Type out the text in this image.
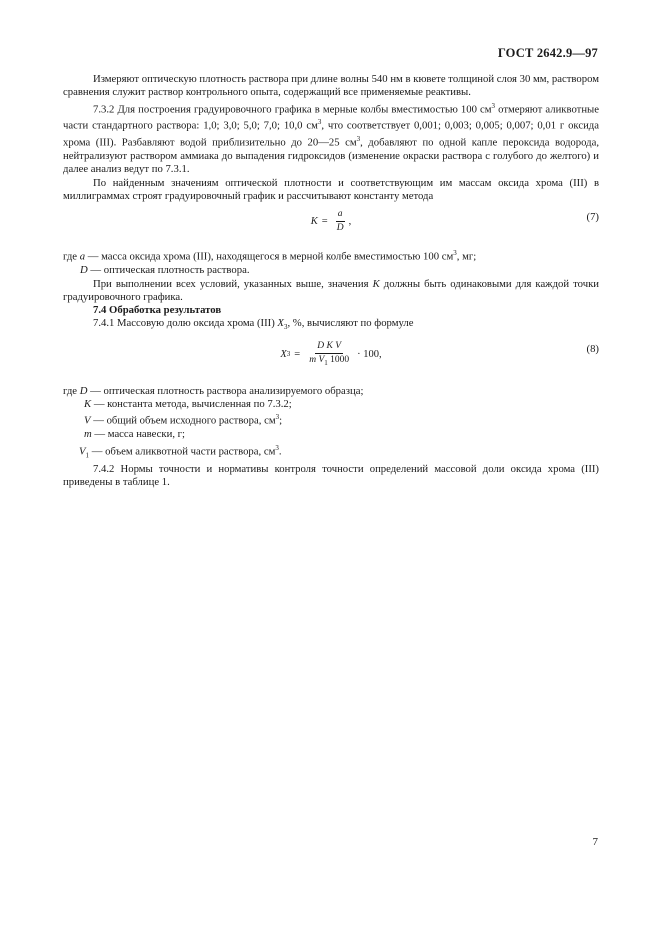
ГОСТ 2642.9—97

Измеряют оптическую плотность раствора при длине волны 540 нм в кювете толщиной слоя 30 мм, раствором сравнения служит раствор контрольного опыта, содержащий все применяемые реактивы.

7.3.2 Для построения градуировочного графика в мерные колбы вместимостью 100 $см^3$ отмеряют аликвотные части стандартного раствора: 1,0; 3,0; 5,0; 7,0; 10,0 $см^3$, что соответствует 0,001; 0,003; 0,005; 0,007; 0,01 г оксида хрома (III). Разбавляют водой приблизительно до 20—25 $см^3$, добавляют по одной капле пероксида водорода, нейтрализуют раствором аммиака до выпадения гидроксидов (изменение окраски раствора с голубого до желтого) и далее анализ ведут по 7.3.1.

По найденным значениям оптической плотности и соответствующим им массам оксида хрома (III) в миллиграммах строят градуировочный график и рассчитывают константу метода

$K = \frac{a}{D}$ ,	(7)
где a — масса оксида хрома (III), находящегося в мерной колбе вместимостью 100 $см^3$, мг;
D — оптическая плотность раствора.

При выполнении всех условий, указанных выше, значения K должны быть одинаковыми для каждой точки градуировочного графика.

7.4 Обработка результатов

7.4.1 Массовую долю оксида хрома (III) $X_3$, %, вычисляют по формуле

X $3 = \frac{\text{D K V}}{m V_1 1000} \cdot 100$,	(8)
где D — оптическая плотность раствора анализируемого образца;
K — константа метода, вычисленная по 7.3.2;
V — общий объем исходного раствора, $см^3$;
m — масса навески, г;
$V_1$ — объем аликвотной части раствора, $см^3$.

7.4.2 Нормы точности и нормативы контроля точности определений массовой доли оксида хрома (III) приведены в таблице 1.

7
